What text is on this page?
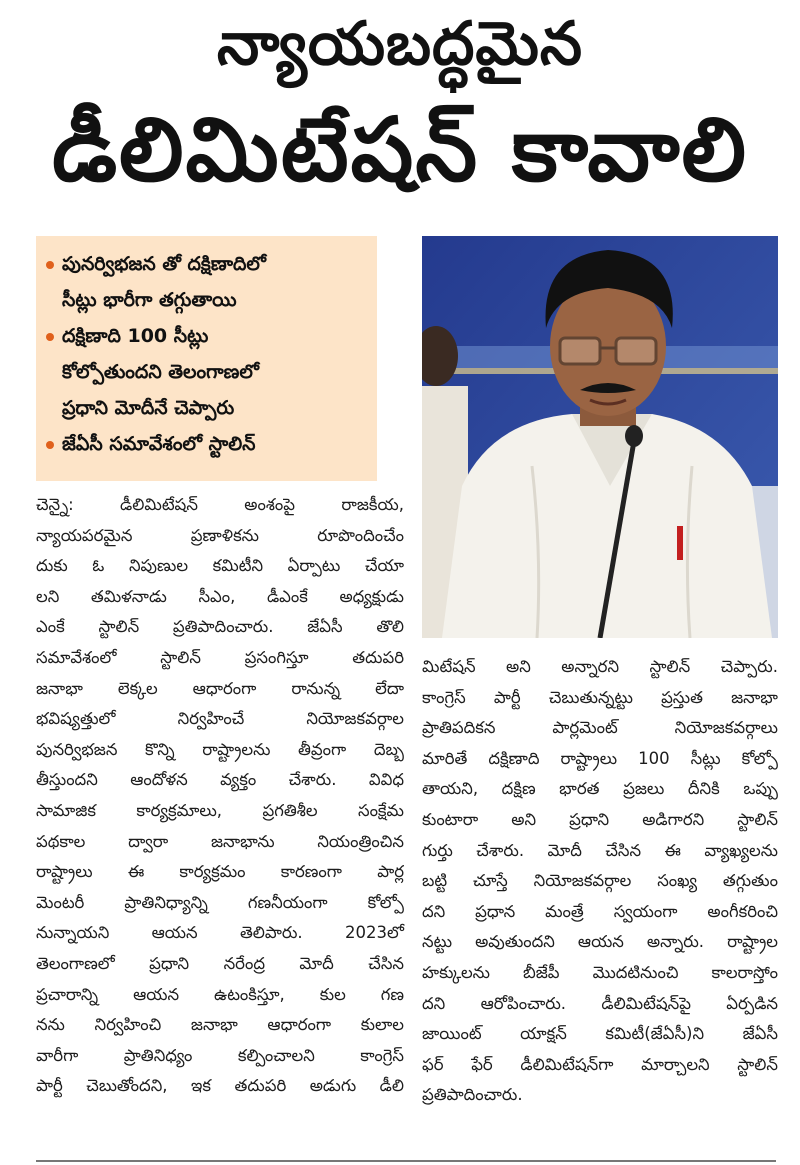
న్యాయబద్ధమైన
డీలిమిటేషన్ కావాలి
పునర్విభజన తో దక్షిణాదిలో
సీట్లు భారీగా తగ్గుతాయి
దక్షిణాది 100 సీట్లు
కోల్పోతుందని తెలంగాణలో
ప్రధాని మోదీనే చెప్పారు
జేఏసీ సమావేశంలో స్టాలిన్
చెన్నై: డీలిమిటేషన్ అంశంపై రాజకీయ,
న్యాయపరమైన ప్రణాళికను రూపొందించేం
దుకు ఓ నిపుణుల కమిటీని ఏర్పాటు చేయా
లని తమిళనాడు సీఎం, డీఎంకే అధ్యక్షుడు
ఎంకే స్టాలిన్ ప్రతిపాదించారు. జేఏసీ తొలి
సమావేశంలో స్టాలిన్ ప్రసంగిస్తూ తదుపరి
జనాభా లెక్కల ఆధారంగా రానున్న లేదా
భవిష్యత్తులో నిర్వహించే నియోజకవర్గాల
పునర్విభజన కొన్ని రాష్ట్రాలను తీవ్రంగా దెబ్బ
తీస్తుందని ఆందోళన వ్యక్తం చేశారు. వివిధ
సామాజిక కార్యక్రమాలు, ప్రగతిశీల సంక్షేమ
పథకాల ద్వారా జనాభాను నియంత్రించిన
రాష్ట్రాలు ఈ కార్యక్రమం కారణంగా పార్ల
మెంటరీ ప్రాతినిధ్యాన్ని గణనీయంగా కోల్పో
నున్నాయని ఆయన తెలిపారు. 2023లో
తెలంగాణలో ప్రధాని నరేంద్ర మోదీ చేసిన
ప్రచారాన్ని ఆయన ఉటంకిస్తూ, కుల గణ
నను నిర్వహించి జనాభా ఆధారంగా కులాల
వారీగా ప్రాతినిధ్యం కల్పించాలని కాంగ్రెస్
పార్టీ చెబుతోందని, ఇక తదుపరి అడుగు డీలి
మిటేషన్ అని అన్నారని స్టాలిన్ చెప్పారు.
కాంగ్రెస్ పార్టీ చెబుతున్నట్టు ప్రస్తుత జనాభా
ప్రాతిపదికన పార్లమెంట్ నియోజకవర్గాలు
మారితే దక్షిణాది రాష్ట్రాలు 100 సీట్లు కోల్పో
తాయని, దక్షిణ భారత ప్రజలు దీనికి ఒప్పు
కుంటారా అని ప్రధాని అడిగారని స్టాలిన్
గుర్తు చేశారు. మోదీ చేసిన ఈ వ్యాఖ్యలను
బట్టి చూస్తే నియోజకవర్గాల సంఖ్య తగ్గుతుం
దని ప్రధాన మంత్రే స్వయంగా అంగీకరించి
నట్టు అవుతుందని ఆయన అన్నారు. రాష్ట్రాల
హక్కులను బీజేపీ మొదటినుంచి కాలరాస్తోం
దని ఆరోపించారు. డీలిమిటేషన్‌పై ఏర్పడిన
జాయింట్ యాక్షన్ కమిటీ(జేఏసీ)ని జేఏసీ
ఫర్ ఫేర్ డీలిమిటేషన్‌గా మార్చాలని స్టాలిన్
ప్రతిపాదించారు.
